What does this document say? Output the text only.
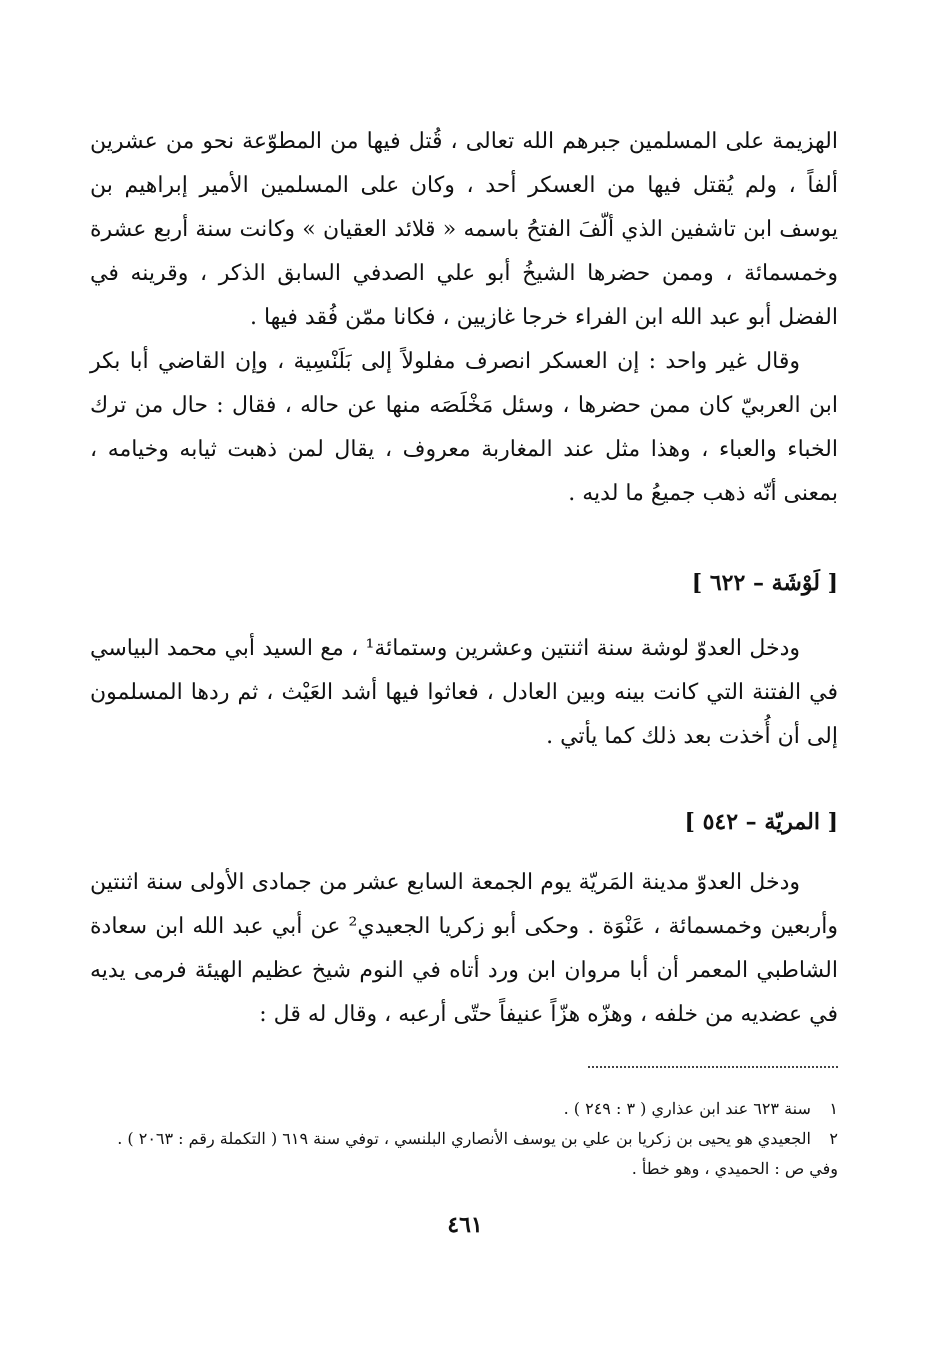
الهزيمة على المسلمين جبرهم الله تعالى ، قُتل فيها من المطوّعة نحو من عشرين ألفاً ، ولم يُقتل فيها من العسكر أحد ، وكان على المسلمين الأمير إبراهيم بن يوسف ابن تاشفين الذي ألّفَ الفتحُ باسمه « قلائد العقيان » وكانت سنة أربع عشرة وخمسمائة ، وممن حضرها الشيخُ أبو علي الصدفي السابق الذكر ، وقرينه في الفضل أبو عبد الله ابن الفراء خرجا غازيين ، فكانا ممّن فُقد فيها .

وقال غير واحد : إن العسكر انصرف مفلولاً إلى بَلَنْسِية ، وإن القاضي أبا بكر ابن العربيّ كان ممن حضرها ، وسئل مَخْلَصَه منها عن حاله ، فقال : حال من ترك الخباء والعباء ، وهذا مثل عند المغاربة معروف ، يقال لمن ذهبت ثيابه وخيامه ، بمعنى أنّه ذهب جميعُ ما لديه .

[ لَوْشَة – ٦٢٢ ]

ودخل العدوّ لوشة سنة اثنتين وعشرين وستمائة¹ ، مع السيد أبي محمد البياسي في الفتنة التي كانت بينه وبين العادل ، فعاثوا فيها أشد العَيْث ، ثم ردها المسلمون إلى أن أُخذت بعد ذلك كما يأتي .

[ المريّة – ٥٤٢ ]

ودخل العدوّ مدينة المَريّة يوم الجمعة السابع عشر من جمادى الأولى سنة اثنتين وأربعين وخمسمائة ، عَنْوَة . وحكى أبو زكريا الجعيدي² عن أبي عبد الله ابن سعادة الشاطبي المعمر أن أبا مروان ابن ورد أتاه في النوم شيخ عظيم الهيئة فرمى يديه في عضديه من خلفه ، وهزّه هزّاً عنيفاً حتّى أرعبه ، وقال له قل :

١ سنة ٦٢٣ عند ابن عذاري ( ٣ : ٢٤٩ ) .

٢ الجعيدي هو يحيى بن زكريا بن علي بن يوسف الأنصاري البلنسي ، توفي سنة ٦١٩ ( التكملة رقم : ٢٠٦٣ ) . وفي ص : الحميدي ، وهو خطأ .

٤٦١
